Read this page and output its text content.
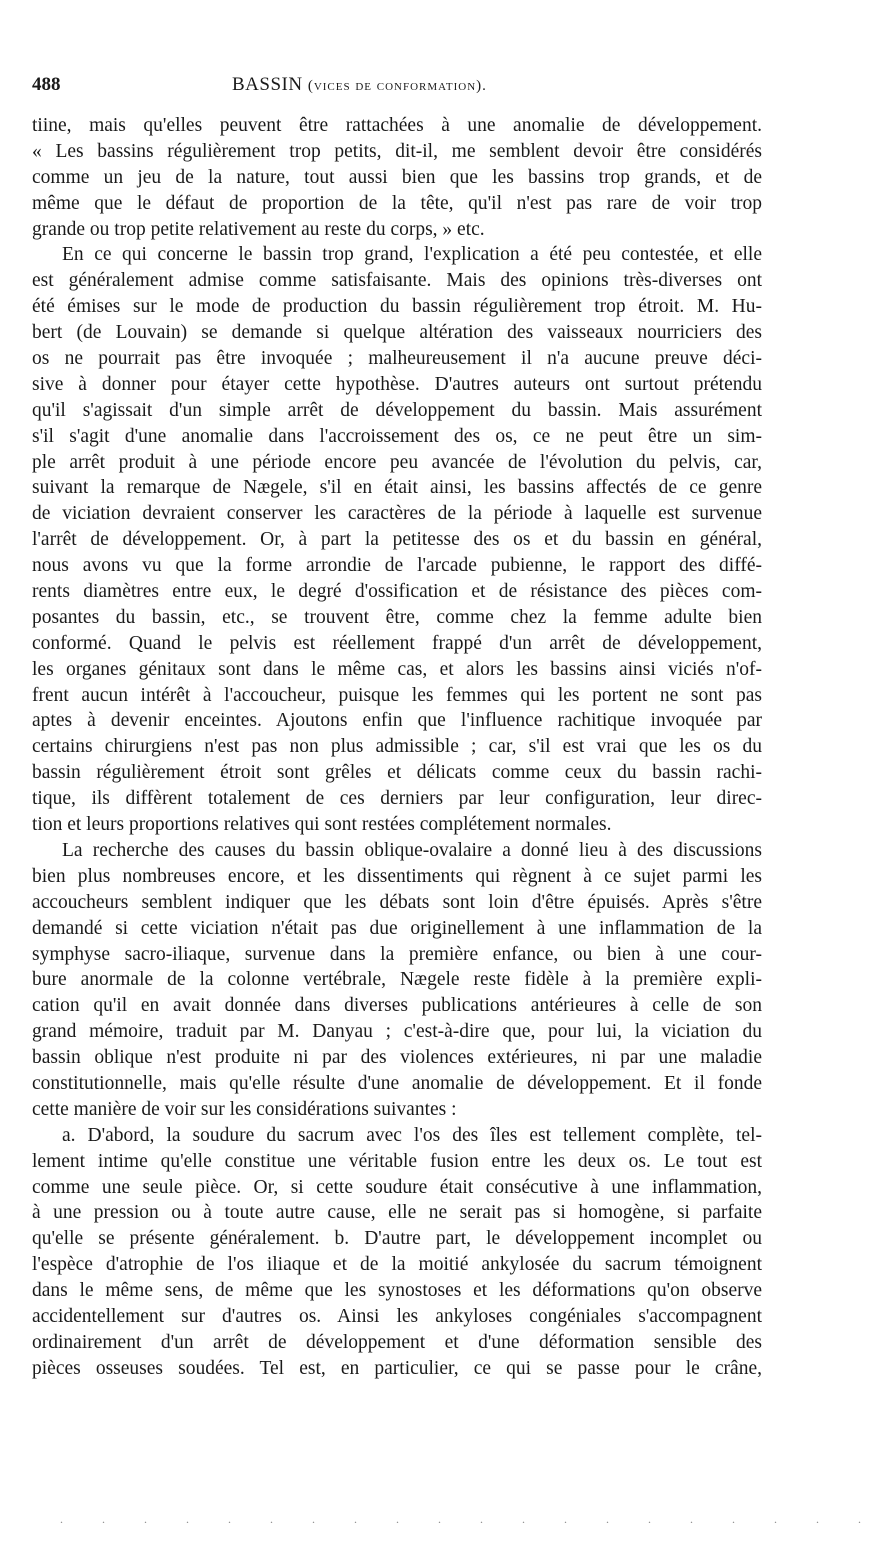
488	BASSIN (vices de conformation).
tiine, mais qu'elles peuvent être rattachées à une anomalie de développement.
« Les bassins régulièrement trop petits, dit-il, me semblent devoir être considérés
comme un jeu de la nature, tout aussi bien que les bassins trop grands, et de
même que le défaut de proportion de la tête, qu'il n'est pas rare de voir trop
grande ou trop petite relativement au reste du corps, » etc.
En ce qui concerne le bassin trop grand, l'explication a été peu contestée, et elle
est généralement admise comme satisfaisante. Mais des opinions très-diverses ont
été émises sur le mode de production du bassin régulièrement trop étroit. M. Hu-
bert (de Louvain) se demande si quelque altération des vaisseaux nourriciers des
os ne pourrait pas être invoquée ; malheureusement il n'a aucune preuve déci-
sive à donner pour étayer cette hypothèse. D'autres auteurs ont surtout prétendu
qu'il s'agissait d'un simple arrêt de développement du bassin. Mais assurément
s'il s'agit d'une anomalie dans l'accroissement des os, ce ne peut être un sim-
ple arrêt produit à une période encore peu avancée de l'évolution du pelvis, car,
suivant la remarque de Nægele, s'il en était ainsi, les bassins affectés de ce genre
de viciation devraient conserver les caractères de la période à laquelle est survenue
l'arrêt de développement. Or, à part la petitesse des os et du bassin en général,
nous avons vu que la forme arrondie de l'arcade pubienne, le rapport des diffé-
rents diamètres entre eux, le degré d'ossification et de résistance des pièces com-
posantes du bassin, etc., se trouvent être, comme chez la femme adulte bien
conformé. Quand le pelvis est réellement frappé d'un arrêt de développement,
les organes génitaux sont dans le même cas, et alors les bassins ainsi viciés n'of-
frent aucun intérêt à l'accoucheur, puisque les femmes qui les portent ne sont pas
aptes à devenir enceintes. Ajoutons enfin que l'influence rachitique invoquée par
certains chirurgiens n'est pas non plus admissible ; car, s'il est vrai que les os du
bassin régulièrement étroit sont grêles et délicats comme ceux du bassin rachi-
tique, ils diffèrent totalement de ces derniers par leur configuration, leur direc-
tion et leurs proportions relatives qui sont restées complétement normales.
La recherche des causes du bassin oblique-ovalaire a donné lieu à des discussions
bien plus nombreuses encore, et les dissentiments qui règnent à ce sujet parmi les
accoucheurs semblent indiquer que les débats sont loin d'être épuisés. Après s'être
demandé si cette viciation n'était pas due originellement à une inflammation de la
symphyse sacro-iliaque, survenue dans la première enfance, ou bien à une cour-
bure anormale de la colonne vertébrale, Nægele reste fidèle à la première expli-
cation qu'il en avait donnée dans diverses publications antérieures à celle de son
grand mémoire, traduit par M. Danyau ; c'est-à-dire que, pour lui, la viciation du
bassin oblique n'est produite ni par des violences extérieures, ni par une maladie
constitutionnelle, mais qu'elle résulte d'une anomalie de développement. Et il fonde
cette manière de voir sur les considérations suivantes :
a. D'abord, la soudure du sacrum avec l'os des îles est tellement complète, tel-
lement intime qu'elle constitue une véritable fusion entre les deux os. Le tout est
comme une seule pièce. Or, si cette soudure était consécutive à une inflammation,
à une pression ou à toute autre cause, elle ne serait pas si homogène, si parfaite
qu'elle se présente généralement. b. D'autre part, le développement incomplet ou
l'espèce d'atrophie de l'os iliaque et de la moitié ankylosée du sacrum témoignent
dans le même sens, de même que les synostoses et les déformations qu'on observe
accidentellement sur d'autres os. Ainsi les ankyloses congéniales s'accompagnent
ordinairement d'un arrêt de développement et d'une déformation sensible des
pièces osseuses soudées. Tel est, en particulier, ce qui se passe pour le crâne,
. . . . . . . . . . . . . . . . . . . .
